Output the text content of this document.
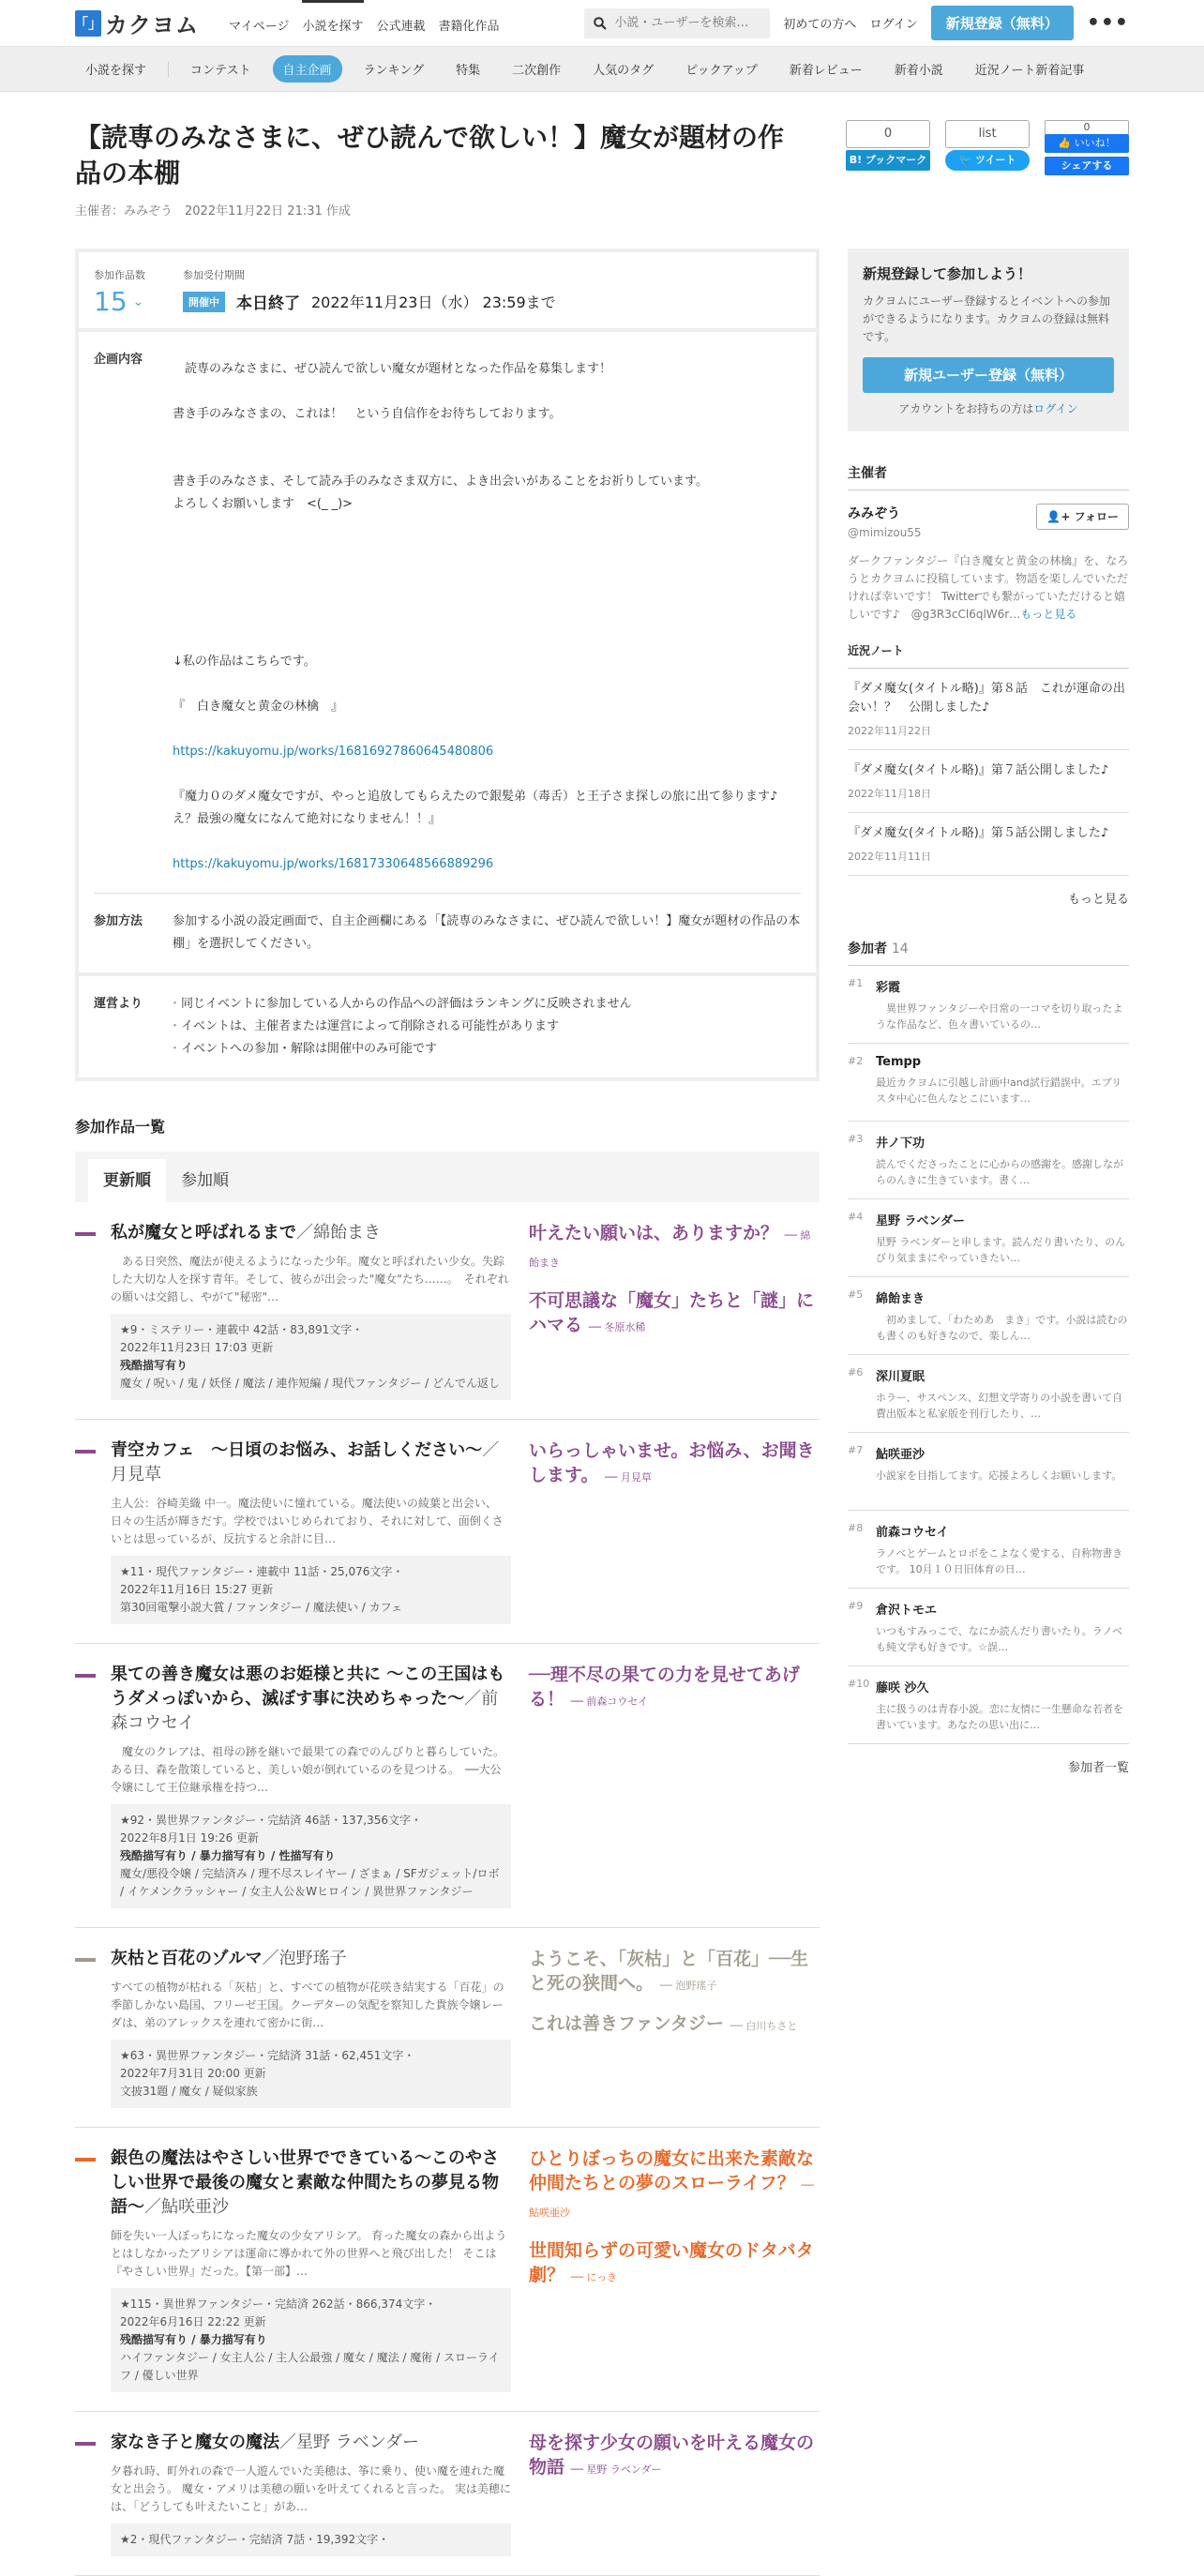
「」 カクヨム マイページ 小説を探す 公式連載 書籍化作品
小説・ユーザーを検索…	初めての方へ ログイン	新規登録（無料）	•••
小説を探す	コンテスト	自主企画	ランキング	特集	二次創作	人気のタグ	ピックアップ	新着レビュー	新着小説	近況ノート新着記事
【読専のみなさまに、ぜひ読んで欲しい！】魔女が題材の作品の本棚
主催者：みみぞう　2022年11月22日 21:31 作成
0
B! ブックマーク
list
🐦 ツイート
0
👍 いいね！
シェアする
参加作品数
15 ⌄
参加受付期間
開催中	本日終了 2022年11月23日（水） 23:59まで
企画内容

　読専のみなさまに、ぜひ読んで欲しい魔女が題材となった作品を募集します！

書き手のみなさまの、これは！　という自信作をお待ちしております。

書き手のみなさま、そして読み手のみなさま双方に、よき出会いがあることをお祈りしています。

よろしくお願いします　<(_ _)>

↓私の作品はこちらです。

『　白き魔女と黄金の林檎　』

https://kakuyomu.jp/works/16816927860645480806

『魔力０のダメ魔女ですが、やっと追放してもらえたので銀髪弟（毒舌）と王子さま探しの旅に出て参ります♪　え？最強の魔女になんて絶対になりません！！』

https://kakuyomu.jp/works/16817330648566889296

参加方法	参加する小説の設定画面で、自主企画欄にある「【読専のみなさまに、ぜひ読んで欲しい！】魔女が題材の作品の本棚」を選択してください。
運営より
・	同じイベントに参加している人からの作品への評価はランキングに反映されません
・ イベントは、主催者または運営によって削除される可能性があります
・ イベントへの参加・解除は開催中のみ可能です
参加作品一覧
更新順	参加順
私が魔女と呼ばれるまで／綿飴まき
　ある日突然、魔法が使えるようになった少年。魔女と呼ばれたい少女。失踪した大切な人を探す青年。そして、彼らが出会った"魔女"たち……。　それぞれの願いは交錯し、やがて"秘密"…
★9・ミステリー・連載中 42話・83,891文字・
2022年11月23日 17:03 更新
残酷描写有り
魔女 / 呪い / 鬼 / 妖怪 / 魔法 / 連作短編 / 現代ファンタジー / どんでん返し
叶えたい願いは、ありますか？ ── 綿飴まき
不可思議な「魔女」たちと「謎」にハマる ── 冬原水稀
青空カフェ　～日頃のお悩み、お話しください～／月見草
主人公：谷崎美織 中一。魔法使いに憧れている。魔法使いの綾葉と出会い、日々の生活が輝きだす。学校ではいじめられており、それに対して、面倒くさいとは思っているが、反抗すると余計に目…
★11・現代ファンタジー・連載中 11話・25,076文字・
2022年11月16日 15:27 更新
第30回電撃小説大賞 / ファンタジー / 魔法使い / カフェ
いらっしゃいませ。お悩み、お聞きします。 ── 月見草
果ての善き魔女は悪のお姫様と共に ～この王国はもうダメっぽいから、滅ぼす事に決めちゃった～／前森コウセイ
　魔女のクレアは、祖母の跡を継いで最果ての森でのんびりと暮らしていた。　ある日、森を散策していると、美しい娘が倒れているのを見つける。　──大公令嬢にして王位継承権を持つ…
★92・異世界ファンタジー・完結済 46話・137,356文字・
2022年8月1日 19:26 更新
残酷描写有り / 暴力描写有り / 性描写有り
魔女/悪役令嬢 / 完結済み / 理不尽スレイヤー / ざまぁ / SFガジェット/ロボ / イケメンクラッシャー / 女主人公＆Wヒロイン / 異世界ファンタジー
──理不尽の果ての力を見せてあげる！ ── 前森コウセイ
灰枯と百花のゾルマ／泡野瑤子
すべての植物が枯れる「灰枯」と、すべての植物が花咲き結実する「百花」の季節しかない島国、フリーゼ王国。クーデターの気配を察知した貴族令嬢レーダは、弟のアレックスを連れて密かに街…
★63・異世界ファンタジー・完結済 31話・62,451文字・
2022年7月31日 20:00 更新
文披31題 / 魔女 / 疑似家族
ようこそ、「灰枯」と「百花」──生と死の狭間へ。 ── 泡野瑤子
これは善きファンタジー ── 白川ちさと
銀色の魔法はやさしい世界でできている～このやさしい世界で最後の魔女と素敵な仲間たちの夢見る物語～／鮎咲亜沙
師を失い一人ぼっちになった魔女の少女アリシア。 育った魔女の森から出ようとはしなかったアリシアは運命に導かれて外の世界へと飛び出した！ そこは『やさしい世界』だった。【第一部】…
★115・異世界ファンタジー・完結済 262話・866,374文字・
2022年6月16日 22:22 更新
残酷描写有り / 暴力描写有り
ハイファンタジー / 女主人公 / 主人公最強 / 魔女 / 魔法 / 魔術 / スローライフ / 優しい世界
ひとりぼっちの魔女に出来た素敵な仲間たちとの夢のスローライフ？ ── 鮎咲亜沙
世間知らずの可愛い魔女のドタバタ劇？ ── にっき
家なき子と魔女の魔法／星野 ラベンダー
夕暮れ時、町外れの森で一人遊んでいた美穂は、筝に乗り、使い魔を連れた魔女と出会う。 魔女・アメリは美穂の願いを叶えてくれると言った。 実は美穂には、「どうしても叶えたいこと」があ…
★2・現代ファンタジー・完結済 7話・19,392文字・
母を探す少女の願いを叶える魔女の物語 ── 星野 ラベンダー
新規登録して参加しよう！
カクヨムにユーザー登録するとイベントへの参加ができるようになります。カクヨムの登録は無料です。
新規ユーザー登録（無料）
アカウントをお持ちの方はログイン
主催者
みみぞう
@mimizou55
👤+ フォロー
ダークファンタジー『白き魔女と黄金の林檎』を、なろうとカクヨムに投稿しています。物語を楽しんでいただければ幸いです！ Twitterでも繋がっていただけると嬉しいです♪　@g3R3cCl6qlW6r…もっと見る
近況ノート
『ダメ魔女(タイトル略)』第８話　これが運命の出会い！？　公開しました♪
2022年11月22日
『ダメ魔女(タイトル略)』第７話公開しました♪
2022年11月18日
『ダメ魔女(タイトル略)』第５話公開しました♪
2022年11月11日
もっと見る
参加者 14
#1	彩霞
　異世界ファンタジーや日常の一コマを切り取ったような作品など、色々書いているの…
#2	Tempp
最近カクヨムに引越し計画中and試行錯誤中。エブリスタ中心に色んなとこにいます…
#3	井ノ下功
読んでくださったことに心からの感謝を。感謝しながらのんきに生きています。書く…
#4	星野 ラベンダー
星野 ラベンダーと申します。読んだり書いたり、のんびり気ままにやっていきたい…
#5	綿飴まき
　初めまして、「わためあ　まき」です。小説は読むのも書くのも好きなので、楽しん…
#6	深川夏眠
ホラー、サスペンス、幻想文学寄りの小説を書いて自費出版本と私家版を刊行したり、…
#7	鮎咲亜沙
小説家を目指してます。応援よろしくお願いします。
#8	前森コウセイ
ラノベとゲームとロボをこよなく愛する、自称物書きです。 10月１０日旧体育の日…
#9	倉沢トモエ
いつもすみっこで、なにか読んだり書いたり。ラノベも純文学も好きです。☆誤…
#10 藤咲 沙久
主に扱うのは青春小説。恋に友情に一生懸命な若者を書いています。あなたの思い出に…
参加者一覧
